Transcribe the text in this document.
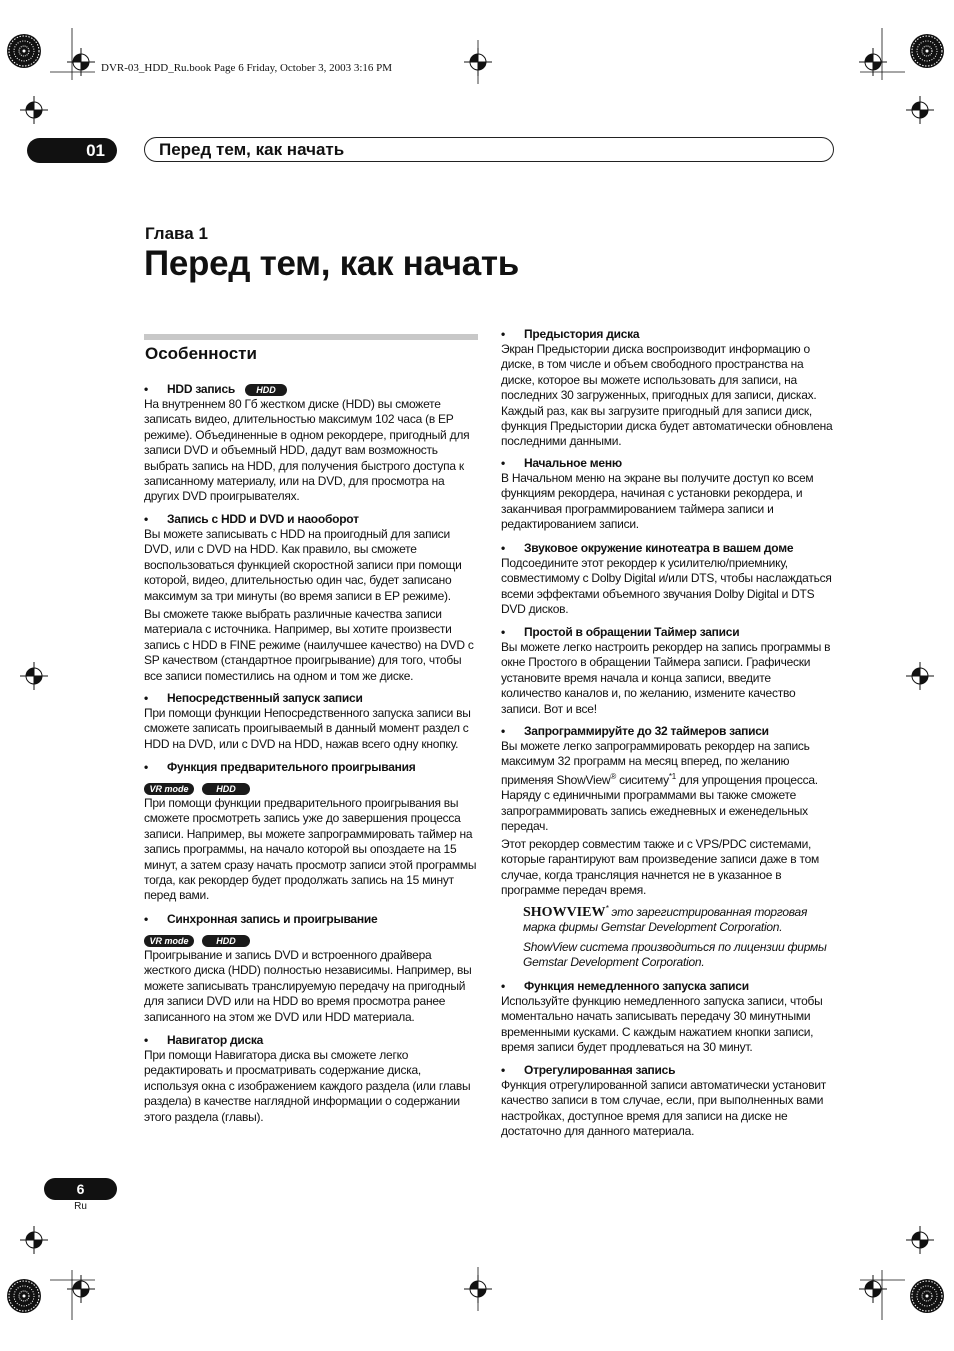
DVR-03_HDD_Ru.book Page 6 Friday, October 3, 2003 3:16 PM
01	Перед тем, как начать
Глава 1
Перед тем, как начать
Особенности
• HDD запись HDD

На внутреннем 80 Гб жестком диске (HDD) вы сможете записать видео, длительностью максимум 102 часа (в EP режиме). Объединенные в одном рекордере, пригодный для записи DVD и объемный HDD, дадут вам возможность выбрать запись на HDD, для получения быстрого доступа к записанному материалу, или на DVD, для просмотра на других DVD проигрывателях.

• Запись с HDD и DVD и наооборот

Вы можете записывать с HDD на проигодный для записи DVD, или с DVD на HDD. Как правило, вы сможете воспользоваться функцией скоростной записи при помощи которой, видео, длительностью один час, будет записано максимум за три минуты (во время записи в EP режиме).

Вы сможете также выбрать различные качества записи материала с источника. Например, вы хотите произвести запись с HDD в FINE режиме (наилучшее качество) на DVD с SP качеством (стандартное проигрывание) для того, чтобы все записи поместились на одном и том же диске.

• Непосредственный запуск записи

При помощи функции Непосредственного запуска записи вы сможете записать проигываемый в данный момент раздел с HDD на DVD, или с DVD на HDD, нажав всего одну кнопку.

• Функция предварительного проигрывания
VR mode	HDD

При помощи функции предварительного проигрывания вы сможете просмотреть запись уже до завершения процесса записи. Например, вы можете запрограммировать таймер на запись программы, на начало которой вы опоздаете на 15 минут, а затем сразу начать просмотр записи этой программы тогда, как рекордер будет продолжать запись на 15 минут перед вами.

• Синхронная запись и проигрывание
VR mode	HDD

Проигрывание и запись DVD и встроенного драйвера жесткого диска (HDD) полностью независимы. Например, вы можете записывать транслируемую передачу на пригодный для записи DVD или на HDD во время просмотра ранее записанного на этом же DVD или HDD материала.

• Навигатор диска

При помощи Навигатора диска вы сможете легко редактировать и просматривать содержание диска, используя окна с изображением каждого раздела (или главы раздела) в качестве наглядной информации о содержании этого раздела (главы).

• Предыстория диска

Экран Предыстории диска воспроизводит информацию о диске, в том числе и объем свободного пространства на диске, которое вы можете использовать для записи, на последних 30 загруженных, пригодных для записи, дисках. Каждый раз, как вы загрузите пригодный для записи диск, функция Предыстории диска будет автоматически обновлена последними данными.

• Начальное меню

В Начальном меню на экране вы получите доступ ко всем функциям рекордера, начиная с установки рекордера, и заканчивая программированием таймера записи и редактированием записи.

• Звуковое окружение кинотеатра в вашем доме

Подсоедините этот рекордер к усилителю/приемнику, совместимому с Dolby Digital и/или DTS, чтобы наслаждаться всеми эффектами объемного звучания Dolby Digital и DTS DVD дисков.

• Простой в обращении Таймер записи

Вы можете легко настроить рекордер на запись программы в окне Простого в обращении Таймера записи. Графически установите время начала и конца записи, введите количество каналов и, по желанию, измените качество записи. Вот и все!

• Запрограммируйте до 32 таймеров записи

Вы можете легко запрограммировать рекордер на запись максимум 32 программ на месяц вперед, по желанию

применяя ShowView® сиситему$^{*1}$ для упрощения процесса. Наряду с единичными программами вы также сможете запрограммировать запись ежедневных и еженедельных передач.

Этот рекордер совместим также и с VPS/PDC системами, которые гарантируют вам произведение записи даже в том случае, когда трансляция начнется не в указанное в программе передач время.

SHOWVIEW* это зарегистрированная торговая марка фирмы Gemstar Development Corporation.
ShowView система производиться по лицензии фирмы Gemstar Development Corporation.
• Функция немедленного запуска записи

Используйте функцию немедленного запуска записи, чтобы моментально начать записывать передачу 30 минутными временными кусками. С каждым нажатием кнопки записи, время записи будет продлеваться на 30 минут.

• Отрегулированная запись

Функция отрегулированной записи автоматически установит качество записи в том случае, если, при выполненных вами настройках, доступное время для записи на диске не достаточно для данного материала.

6
Ru
